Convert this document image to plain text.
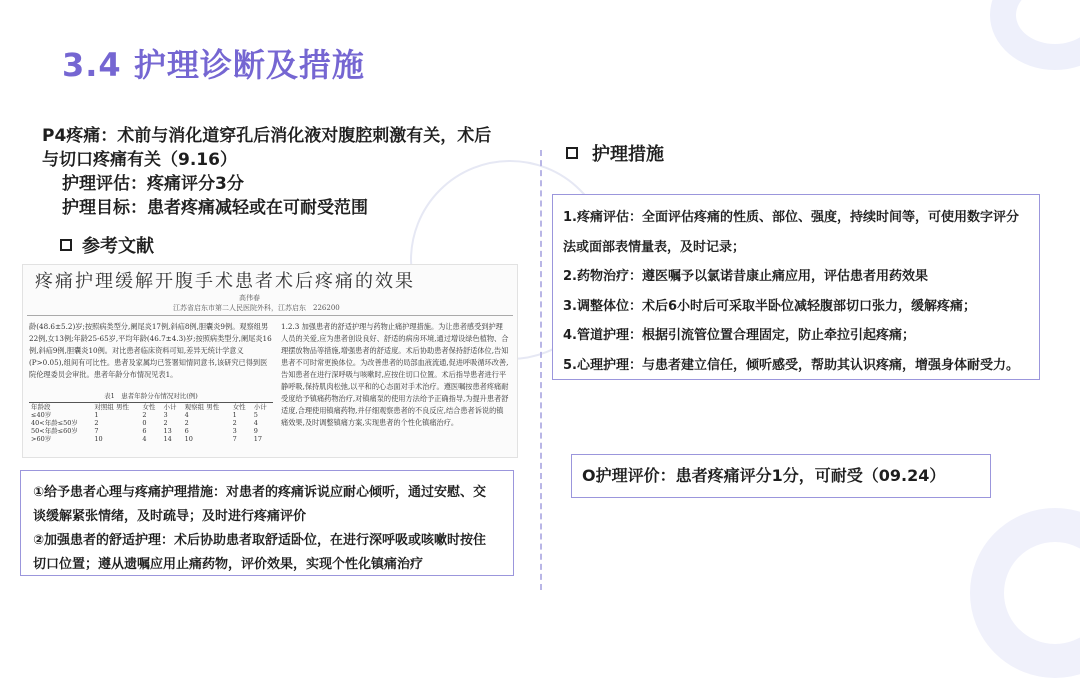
3.4 护理诊断及措施
P4疼痛：术前与消化道穿孔后消化液对腹腔刺激有关，术后
与切口疼痛有关（9.16）
护理评估：疼痛评分3分
护理目标：患者疼痛减轻或在可耐受范围
参考文献
疼痛护理缓解开腹手术患者术后疼痛的效果
高伟春
江苏省启东市第二人民医院外科，江苏启东　226200
龄(48.6±5.2)岁;按照病类型分,阑尾炎17例,斜疝8例,胆囊炎9例。观察组男22例,女13例;年龄25-65岁,平均年龄(46.7±4.3)岁;按照病类型分,阑尾炎16例,斜疝9例,胆囊炎10例。对比患者临床资料可知,差异无统计学意义(P>0.05),组间有可比性。患者及家属均已签署知情同意书,该研究已得到医院伦理委员会审批。患者年龄分布情况见表1。
表1　患者年龄分布情况对比(例)
年龄段	对照组 男性	女性	小计	观察组 男性	女性	小计
≤40岁	1	2	3	4	1	5
40<年龄≤50岁	2	0	2	2	2	4
50<年龄≤60岁	7	6	13	6	3	9
>60岁	10	4	14	10	7	17
1.2.3 加强患者的舒适护理与药物止痛护理措施。为让患者感受到护理人员的关爱,应为患者创设良好、舒适的病房环境,通过增设绿色植物、合理摆放物品等措施,增强患者的舒适度。术后协助患者保持舒适体位,告知患者不可时常更换体位。为改善患者的局部血液流通,促进呼吸循环改善,告知患者在进行深呼吸与咳嗽时,应按住切口位置。术后指导患者进行平静呼吸,保持肌肉松弛,以平和的心态面对手术治疗。遵医嘱按患者疼痛耐受度给予镇痛药物治疗,对镇痛泵的使用方法给予正确指导,为提升患者舒适度,合理使用镇痛药物,并仔细观察患者的不良反应,结合患者诉说的镇痛效果,及时调整镇痛方案,实现患者的个性化镇痛治疗。
①给予患者心理与疼痛护理措施：对患者的疼痛诉说应耐心倾听，通过安慰、交
谈缓解紧张情绪，及时疏导；及时进行疼痛评价
②加强患者的舒适护理：术后协助患者取舒适卧位，在进行深呼吸或咳嗽时按住
切口位置；遵从遗嘱应用止痛药物，评价效果，实现个性化镇痛治疗
护理措施
1.疼痛评估：全面评估疼痛的性质、部位、强度，持续时间等，可使用数字评分
法或面部表情量表，及时记录；
2.药物治疗：遵医嘱予以氯诺昔康止痛应用，评估患者用药效果
3.调整体位：术后6小时后可采取半卧位减轻腹部切口张力，缓解疼痛；
4.管道护理：根据引流管位置合理固定，防止牵拉引起疼痛；
5.心理护理：与患者建立信任，倾听感受，帮助其认识疼痛，增强身体耐受力。
O护理评价：患者疼痛评分1分，可耐受（09.24）
